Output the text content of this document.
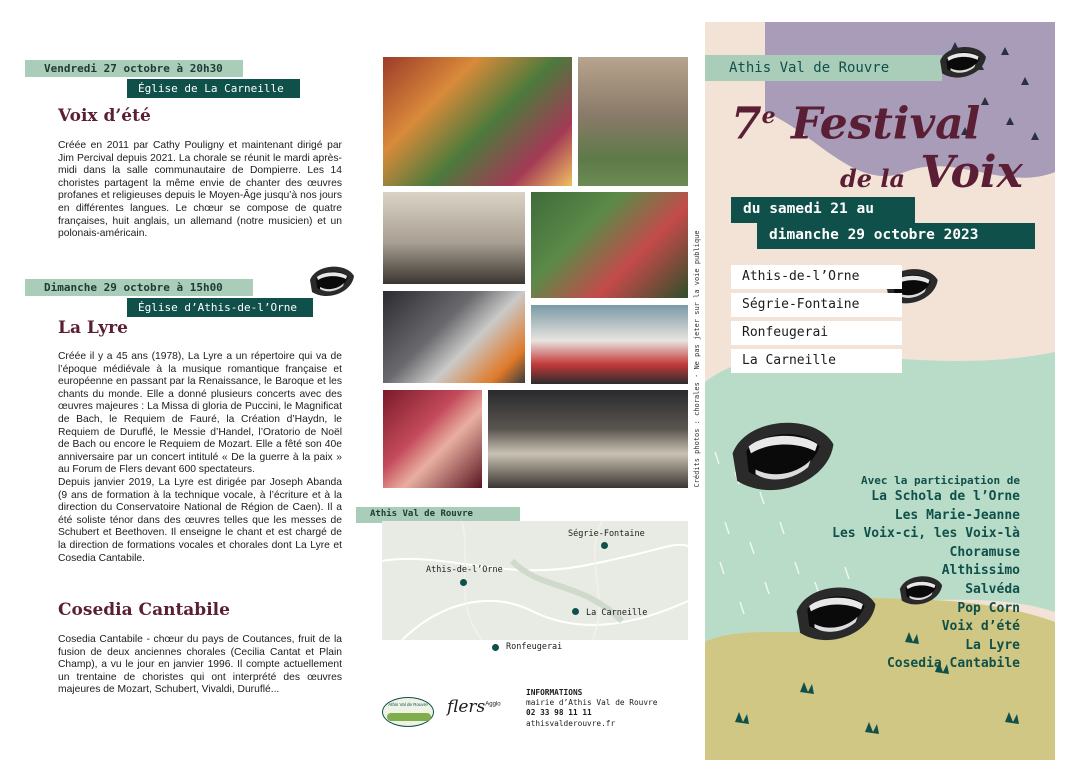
Vendredi 27 octobre à 20h30
Église de La Carneille
Voix d’été

Créée en 2011 par Cathy Pouligny et maintenant dirigé par Jim Percival depuis 2021. La chorale se réunit le mardi après-midi dans la salle communautaire de Dompierre. Les 14 choristes partagent la même envie de chanter des œuvres profanes et religieuses depuis le Moyen-Âge jusqu’à nos jours en différentes langues. Le chœur se compose de quatre françaises, huit anglais, un allemand (notre musicien) et un polonais-américain.

Dimanche 29 octobre à 15h00
Église d’Athis-de-l’Orne
La Lyre

Créée il y a 45 ans (1978), La Lyre a un répertoire qui va de l’époque médiévale à la musique romantique française et européenne en passant par la Renaissance, le Baroque et les chants du monde. Elle a donné plusieurs concerts avec des œuvres majeures : La Missa di gloria de Puccini, le Magnificat de Bach, le Requiem de Fauré, la Création d’Haydn, le Requiem de Duruflé, le Messie d’Handel, l’Oratorio de Noël de Bach ou encore le Requiem de Mozart. Elle a fêté son 40e anniversaire par un concert intitulé « De la guerre à la paix » au Forum de Flers devant 600 spectateurs.

Depuis janvier 2019, La Lyre est dirigée par Joseph Abanda (9 ans de formation à la technique vocale, à l’écriture et à la direction du Conservatoire National de Région de Caen). Il a été soliste ténor dans des œuvres telles que les messes de Schubert et Beethoven. Il enseigne le chant et est chargé de la direction de formations vocales et chorales dont La Lyre et Cosedia Cantabile.

Cosedia Cantabile

Cosedia Cantabile - chœur du pays de Coutances, fruit de la fusion de deux anciennes chorales (Cecilia Cantat et Plain Champ), a vu le jour en janvier 1996. Il compte actuellement un trentaine de choristes qui ont interprété des œuvres majeures de Mozart, Schubert, Vivaldi, Duruflé...

Crédits photos : chorales · Ne pas jeter sur la voie publique
Athis Val de Rouvre
Ségrie-Fontaine
Athis-de-l’Orne
La Carneille
Ronfeugerai
Athis Val de Rouvre	flers$^{Agglo}$
INFORMATIONS
mairie d’Athis Val de Rouvre
02 33 98 11 11
athisvalderouvre.fr
Athis Val de Rouvre
7e Festival
de la Voix
du samedi 21 au
dimanche 29 octobre 2023
Athis-de-l’Orne
Ségrie-Fontaine
Ronfeugerai
La Carneille
Avec la participation de
La Schola de l’Orne
Les Marie-Jeanne
Les Voix-ci, les Voix-là
Choramuse
Althissimo
Salvéda
Pop Corn
Voix d’été
La Lyre
Cosedia Cantabile
